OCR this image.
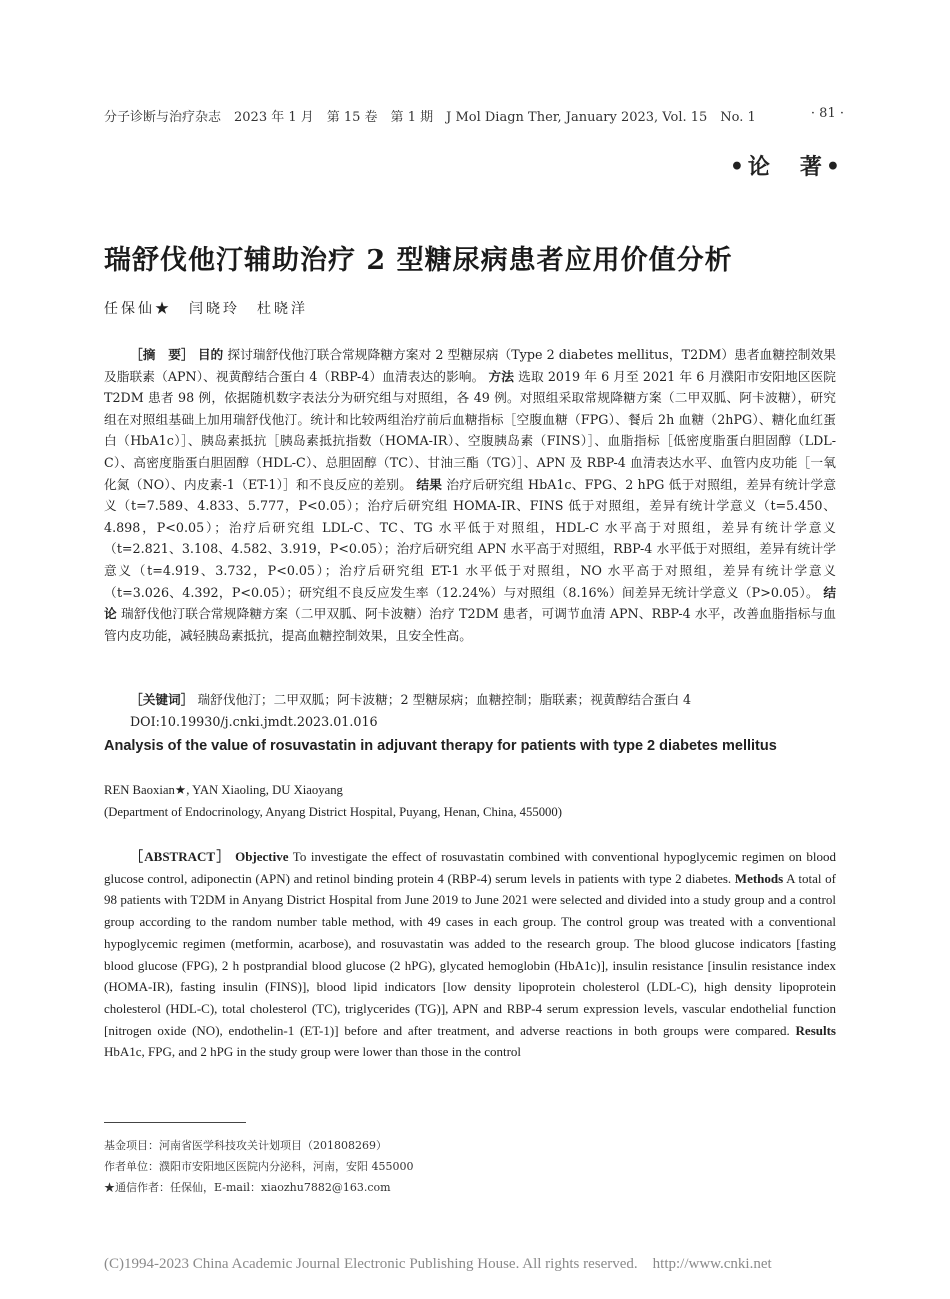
分子诊断与治疗杂志　2023 年 1 月　第 15 卷　第 1 期　J Mol Diagn Ther, January 2023, Vol. 15　No. 1	· 81 ·
•论　著•
瑞舒伐他汀辅助治疗 2 型糖尿病患者应用价值分析
任保仙★　闫晓玲　杜晓洋
［摘　要］ 目的 探讨瑞舒伐他汀联合常规降糖方案对 2 型糖尿病（Type 2 diabetes mellitus，T2DM）患者血糖控制效果及脂联素（APN）、视黄醇结合蛋白 4（RBP-4）血清表达的影响。 方法 选取 2019 年 6 月至 2021 年 6 月濮阳市安阳地区医院 T2DM 患者 98 例，依据随机数字表法分为研究组与对照组，各 49 例。对照组采取常规降糖方案（二甲双胍、阿卡波糖），研究组在对照组基础上加用瑞舒伐他汀。统计和比较两组治疗前后血糖指标［空腹血糖（FPG）、餐后 2h 血糖（2hPG）、糖化血红蛋白（HbA1c）］、胰岛素抵抗［胰岛素抵抗指数（HOMA-IR）、空腹胰岛素（FINS）］、血脂指标［低密度脂蛋白胆固醇（LDL-C）、高密度脂蛋白胆固醇（HDL-C）、总胆固醇（TC）、甘油三酯（TG）］、APN 及 RBP-4 血清表达水平、血管内皮功能［一氧化氮（NO）、内皮素-1（ET-1）］和不良反应的差别。 结果 治疗后研究组 HbA1c、FPG、2 hPG 低于对照组，差异有统计学意义（t=7.589、4.833、5.777，P<0.05）；治疗后研究组 HOMA-IR、FINS 低于对照组，差异有统计学意义（t=5.450、4.898，P<0.05）；治疗后研究组 LDL-C、TC、TG 水平低于对照组，HDL-C 水平高于对照组，差异有统计学意义（t=2.821、3.108、4.582、3.919，P<0.05）；治疗后研究组 APN 水平高于对照组，RBP-4 水平低于对照组，差异有统计学意义（t=4.919、3.732，P<0.05）；治疗后研究组 ET-1 水平低于对照组，NO 水平高于对照组，差异有统计学意义（t=3.026、4.392，P<0.05）；研究组不良反应发生率（12.24%）与对照组（8.16%）间差异无统计学意义（P>0.05）。 结论 瑞舒伐他汀联合常规降糖方案（二甲双胍、阿卡波糖）治疗 T2DM 患者，可调节血清 APN、RBP-4 水平，改善血脂指标与血管内皮功能，减轻胰岛素抵抗，提高血糖控制效果，且安全性高。
［关键词］ 瑞舒伐他汀；二甲双胍；阿卡波糖；2 型糖尿病；血糖控制；脂联素；视黄醇结合蛋白 4
DOI:10.19930/j.cnki.jmdt.2023.01.016
Analysis of the value of rosuvastatin in adjuvant therapy for patients with type 2 diabetes mellitus
REN Baoxian★, YAN Xiaoling, DU Xiaoyang
(Department of Endocrinology, Anyang District Hospital, Puyang, Henan, China, 455000)
［ABSTRACT］ Objective To investigate the effect of rosuvastatin combined with conventional hypoglycemic regimen on blood glucose control, adiponectin (APN) and retinol binding protein 4 (RBP-4) serum levels in patients with type 2 diabetes. Methods A total of 98 patients with T2DM in Anyang District Hospital from June 2019 to June 2021 were selected and divided into a study group and a control group according to the random number table method, with 49 cases in each group. The control group was treated with a conventional hypoglycemic regimen (metformin, acarbose), and rosuvastatin was added to the research group. The blood glucose indicators [fasting blood glucose (FPG), 2 h postprandial blood glucose (2 hPG), glycated hemoglobin (HbA1c)], insulin resistance [insulin resistance index (HOMA-IR), fasting insulin (FINS)], blood lipid indicators [low density lipoprotein cholesterol (LDL-C), high density lipoprotein cholesterol (HDL-C), total cholesterol (TC), triglycerides (TG)], APN and RBP-4 serum expression levels, vascular endothelial function [nitrogen oxide (NO), endothelin-1 (ET-1)] before and after treatment, and adverse reactions in both groups were compared. Results HbA1c, FPG, and 2 hPG in the study group were lower than those in the control
基金项目：河南省医学科技攻关计划项目（201808269）
作者单位：濮阳市安阳地区医院内分泌科，河南，安阳 455000
★通信作者：任保仙，E-mail：xiaozhu7882@163.com
(C)1994-2023 China Academic Journal Electronic Publishing House. All rights reserved.　http://www.cnki.net
